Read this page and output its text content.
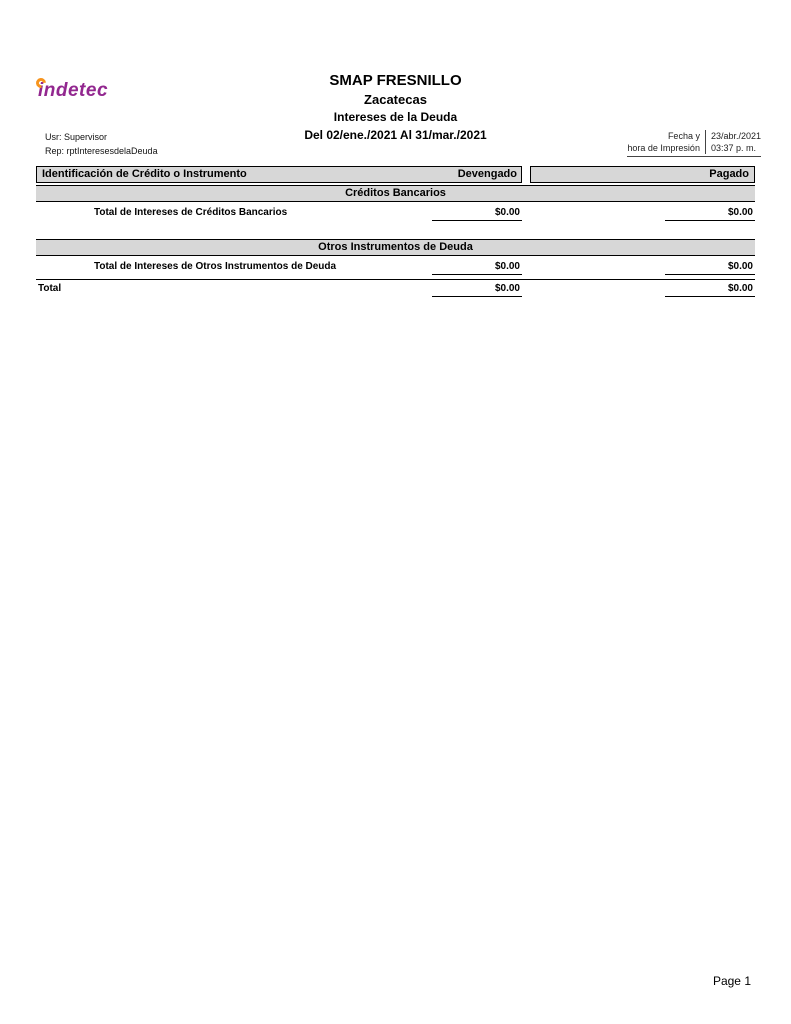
indetec	SMAP FRESNILLO
Zacatecas
Intereses de la Deuda
Del 02/ene./2021 Al 31/mar./2021
Usr: Supervisor
Rep: rptInteresesdelaDeuda
Fecha y
hora de Impresión
23/abr./2021
03:37 p. m.
Identificación de Crédito o Instrumento	Devengado	Pagado
Créditos Bancarios
Total de Intereses de Créditos Bancarios	$0.00	$0.00
Otros Instrumentos de Deuda
Total de Intereses de Otros Instrumentos de Deuda	$0.00	$0.00
Total	$0.00	$0.00
Page 1
